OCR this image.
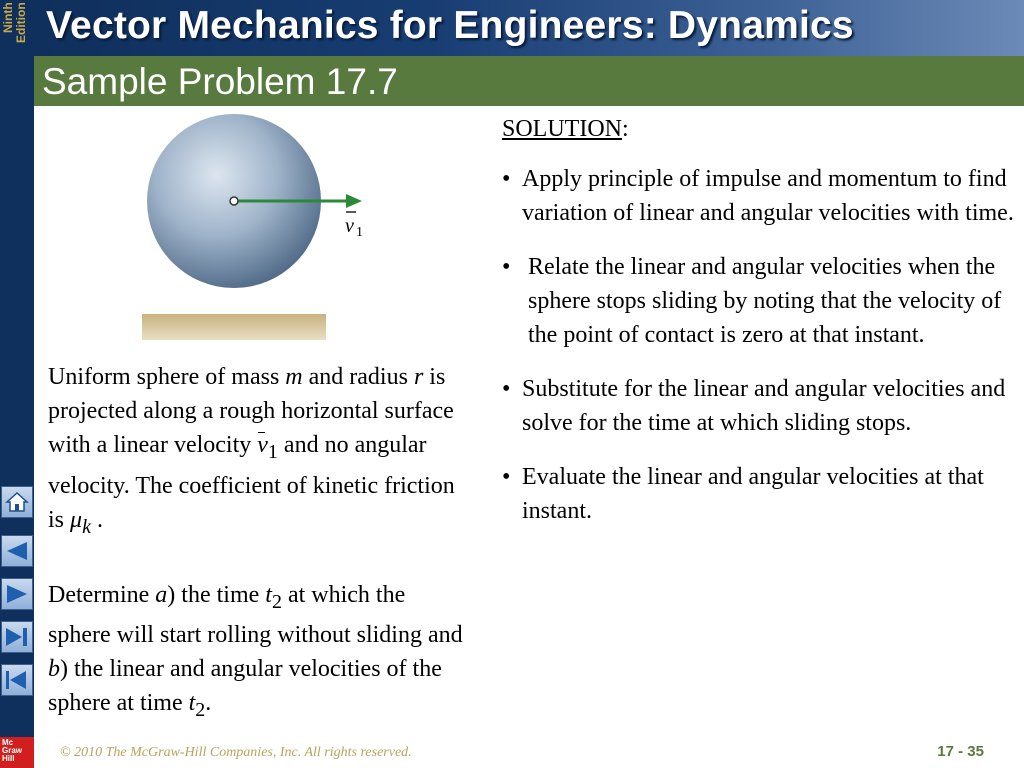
Ninth Edition
Mc
Graw
Hill
Vector Mechanics for Engineers: Dynamics
Sample Problem 17.7
v 1

Uniform sphere of mass m and radius r is projected along a rough horizontal surface with a linear velocity
$v_1$ and no angular velocity. The coefficient of kinetic friction is $\mu_k$ .

Determine a) the time $t_2$ at which the sphere will start rolling without sliding and b) the linear and angular velocities of the sphere at time $t_2$.

SOLUTION:

• Apply principle of impulse and momentum to find variation of linear and angular velocities with time.

• Relate the linear and angular velocities when the sphere stops sliding by noting that the velocity of the point of contact is zero at that instant.

• Substitute for the linear and angular velocities and solve for the time at which sliding stops.

• Evaluate the linear and angular velocities at that instant.

© 2010 The McGraw-Hill Companies, Inc. All rights reserved.	17 - 35
